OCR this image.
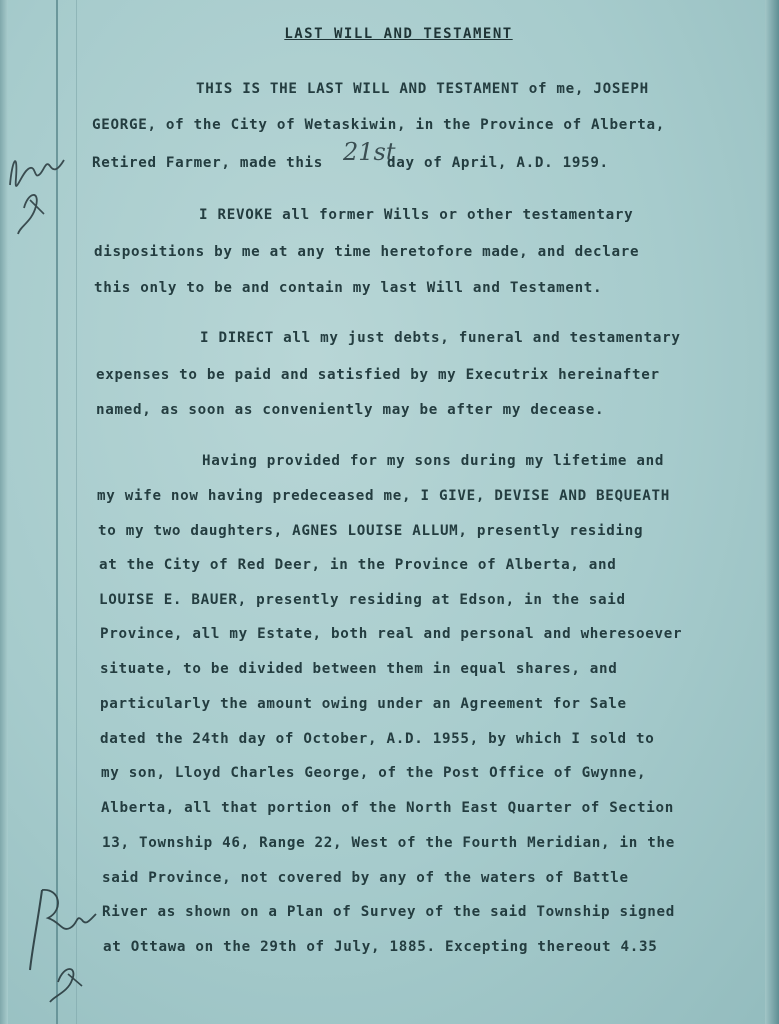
LAST WILL AND TESTAMENT
THIS IS THE LAST WILL AND TESTAMENT of me, JOSEPH
GEORGE, of the City of Wetaskiwin, in the Province of Alberta,
Retired Farmer, made this 21st
day of April, A.D. 1959.
I REVOKE all former Wills or other testamentary
dispositions by me at any time heretofore made, and declare
this only to be and contain my last Will and Testament.
I DIRECT all my just debts, funeral and testamentary
expenses to be paid and satisfied by my Executrix hereinafter
named, as soon as conveniently may be after my decease.
Having provided for my sons during my lifetime and
my wife now having predeceased me, I GIVE, DEVISE AND BEQUEATH
to my two daughters, AGNES LOUISE ALLUM, presently residing
at the City of Red Deer, in the Province of Alberta, and
LOUISE E. BAUER, presently residing at Edson, in the said
Province, all my Estate, both real and personal and wheresoever
situate, to be divided between them in equal shares, and
particularly the amount owing under an Agreement for Sale
dated the 24th day of October, A.D. 1955, by which I sold to
my son, Lloyd Charles George, of the Post Office of Gwynne,
Alberta, all that portion of the North East Quarter of Section
13, Township 46, Range 22, West of the Fourth Meridian, in the
said Province, not covered by any of the waters of Battle
River as shown on a Plan of Survey of the said Township signed
at Ottawa on the 29th of July, 1885. Excepting thereout 4.35
